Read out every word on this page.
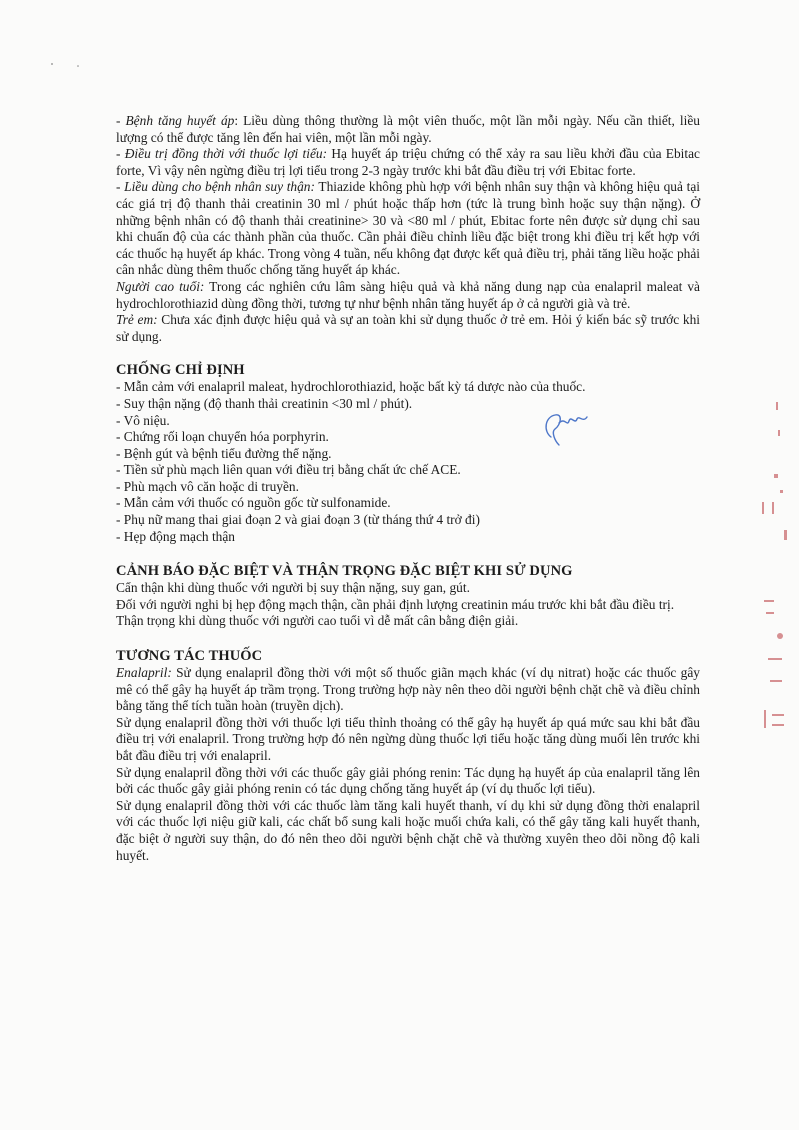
- Bệnh tăng huyết áp: Liều dùng thông thường là một viên thuốc, một lần mỗi ngày. Nếu cần thiết, liều lượng có thể được tăng lên đến hai viên, một lần mỗi ngày.

- Điều trị đồng thời với thuốc lợi tiểu: Hạ huyết áp triệu chứng có thể xảy ra sau liều khởi đầu của Ebitac forte, Vì vậy nên ngừng điều trị lợi tiểu trong 2-3 ngày trước khi bắt đầu điều trị với Ebitac forte.

- Liều dùng cho bệnh nhân suy thận: Thiazide không phù hợp với bệnh nhân suy thận và không hiệu quả tại các giá trị độ thanh thải creatinin 30 ml / phút hoặc thấp hơn (tức là trung bình hoặc suy thận nặng). Ở những bệnh nhân có độ thanh thải creatinine> 30 và <80 ml / phút, Ebitac forte nên được sử dụng chỉ sau khi chuẩn độ của các thành phần của thuốc. Cần phải điều chỉnh liều đặc biệt trong khi điều trị kết hợp với các thuốc hạ huyết áp khác. Trong vòng 4 tuần, nếu không đạt được kết quả điều trị, phải tăng liều hoặc phải cân nhắc dùng thêm thuốc chống tăng huyết áp khác.

Người cao tuổi: Trong các nghiên cứu lâm sàng hiệu quả và khả năng dung nạp của enalapril maleat và hydrochlorothiazid dùng đồng thời, tương tự như bệnh nhân tăng huyết áp ở cả người già và trẻ.

Trẻ em: Chưa xác định được hiệu quả và sự an toàn khi sử dụng thuốc ở trẻ em. Hỏi ý kiến bác sỹ trước khi sử dụng.

CHỐNG CHỈ ĐỊNH

- Mẫn cảm với enalapril maleat, hydrochlorothiazid, hoặc bất kỳ tá dược nào của thuốc.

- Suy thận nặng (độ thanh thải creatinin <30 ml / phút).

- Vô niệu.

- Chứng rối loạn chuyển hóa porphyrin.

- Bệnh gút và bệnh tiểu đường thể nặng.

- Tiền sử phù mạch liên quan với điều trị bằng chất ức chế ACE.

- Phù mạch vô căn hoặc di truyền.

- Mẫn cảm với thuốc có nguồn gốc từ sulfonamide.

- Phụ nữ mang thai giai đoạn 2 và giai đoạn 3 (từ tháng thứ 4 trở đi)

- Hẹp động mạch thận

CẢNH BÁO ĐẶC BIỆT VÀ THẬN TRỌNG ĐẶC BIỆT KHI SỬ DỤNG

Cẩn thận khi dùng thuốc với người bị suy thận nặng, suy gan, gút.

Đối với người nghi bị hẹp động mạch thận, cần phải định lượng creatinin máu trước khi bắt đầu điều trị.

Thận trọng khi dùng thuốc với người cao tuổi vì dễ mất cân bằng điện giải.

TƯƠNG TÁC THUỐC

Enalapril: Sử dụng enalapril đồng thời với một số thuốc giãn mạch khác (ví dụ nitrat) hoặc các thuốc gây mê có thể gây hạ huyết áp trầm trọng. Trong trường hợp này nên theo dõi người bệnh chặt chẽ và điều chỉnh bằng tăng thể tích tuần hoàn (truyền dịch).

Sử dụng enalapril đồng thời với thuốc lợi tiểu thỉnh thoảng có thể gây hạ huyết áp quá mức sau khi bắt đầu điều trị với enalapril. Trong trường hợp đó nên ngừng dùng thuốc lợi tiểu hoặc tăng dùng muối lên trước khi bắt đầu điều trị với enalapril.

Sử dụng enalapril đồng thời với các thuốc gây giải phóng renin: Tác dụng hạ huyết áp của enalapril tăng lên bởi các thuốc gây giải phóng renin có tác dụng chống tăng huyết áp (ví dụ thuốc lợi tiểu).

Sử dụng enalapril đồng thời với các thuốc làm tăng kali huyết thanh, ví dụ khi sử dụng đồng thời enalapril với các thuốc lợi niệu giữ kali, các chất bổ sung kali hoặc muối chứa kali, có thể gây tăng kali huyết thanh, đặc biệt ở người suy thận, do đó nên theo dõi người bệnh chặt chẽ và thường xuyên theo dõi nồng độ kali huyết.
